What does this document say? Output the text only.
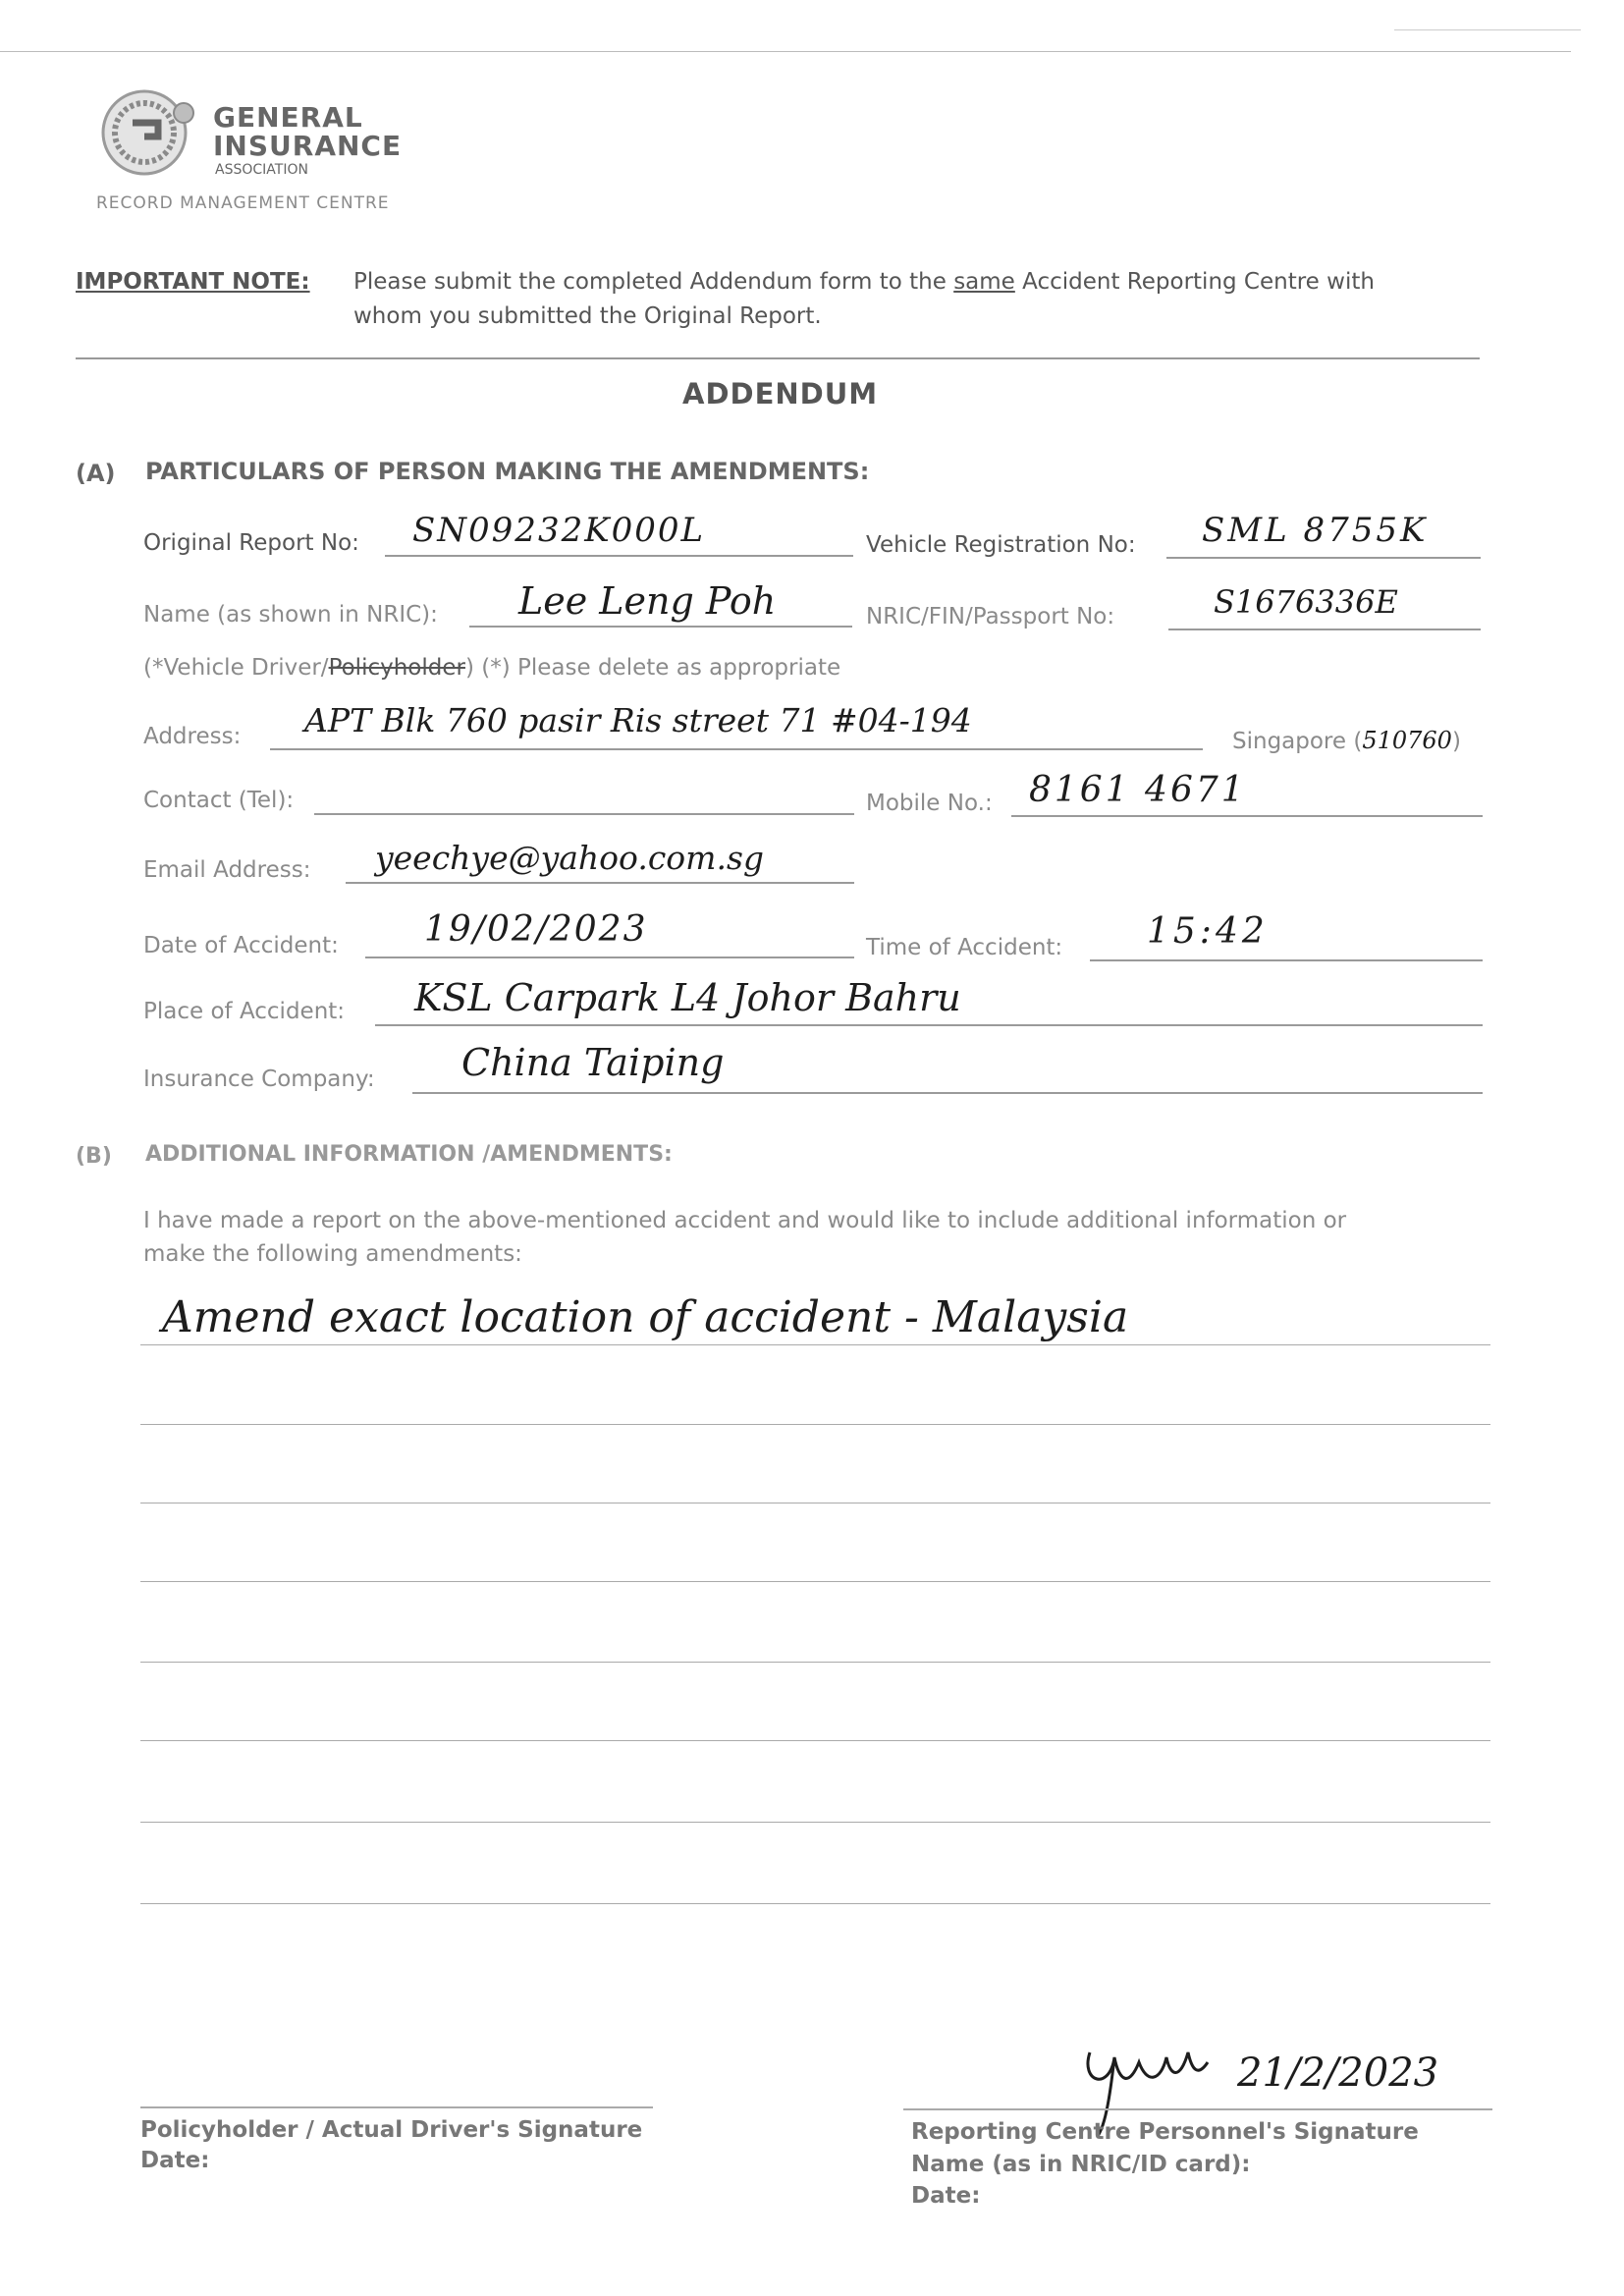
GENERAL
INSURANCE
ASSOCIATION
RECORD MANAGEMENT CENTRE
IMPORTANT NOTE: Please submit the completed Addendum form to the same Accident Reporting Centre with
whom you submitted the Original Report.
ADDENDUM
(A) PARTICULARS OF PERSON MAKING THE AMENDMENTS:
Original Report No: SN09232K000L	Vehicle Registration No: SML 8755K
Name (as shown in NRIC): Lee Leng Poh	NRIC/FIN/Passport No:	S1676336E
(*Vehicle Driver/Policyholder) (*) Please delete as appropriate
Address: APT Blk 760 pasir Ris street 71 #04-194
Singapore (510760)
Contact (Tel):	Mobile No.: 8161 4671
Email Address: yeechye@yahoo.com.sg
Date of Accident: 19/02/2023	Time of Accident: 15:42
Place of Accident: KSL Carpark L4 Johor Bahru
Insurance Company: China Taiping
(B) ADDITIONAL INFORMATION /AMENDMENTS:
I have made a report on the above-mentioned accident and would like to include additional information or
make the following amendments:
Amend exact location of accident - Malaysia
Policyholder / Actual Driver's Signature
Date:
21/2/2023
Reporting Centre Personnel's Signature
Name (as in NRIC/ID card):
Date:
